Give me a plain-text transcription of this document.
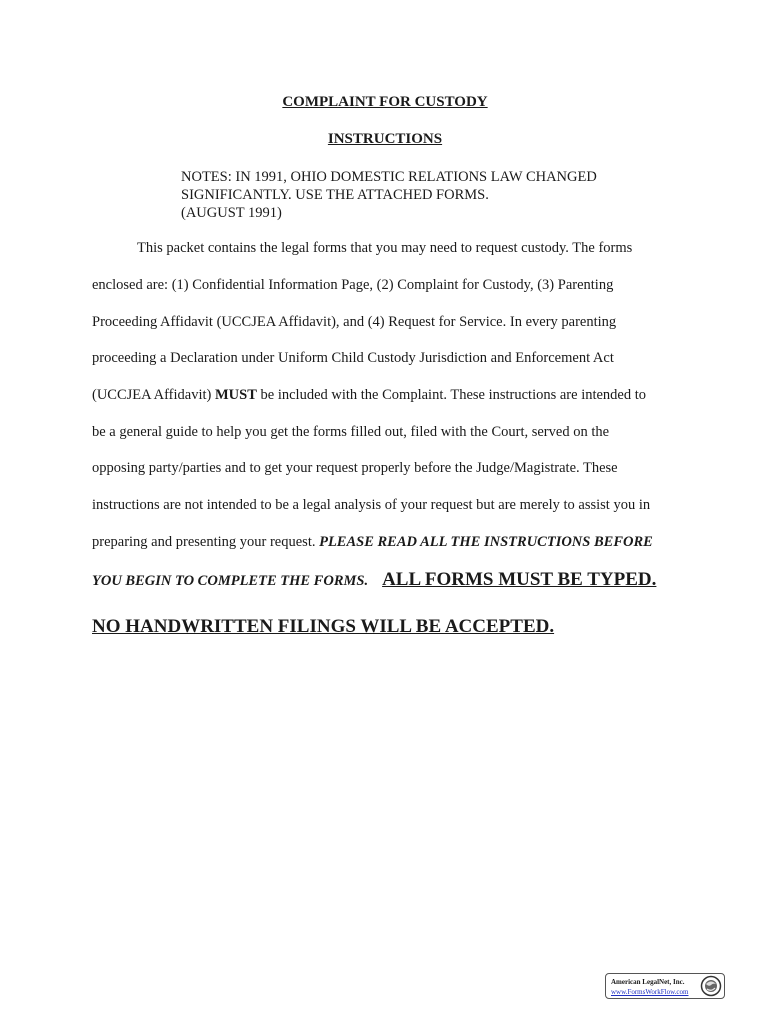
COMPLAINT FOR CUSTODY
INSTRUCTIONS
NOTES: IN 1991, OHIO DOMESTIC RELATIONS LAW CHANGED
SIGNIFICANTLY. USE THE ATTACHED FORMS.
(AUGUST 1991)
This packet contains the legal forms that you may need to request custody. The forms
enclosed are: (1) Confidential Information Page, (2) Complaint for Custody, (3) Parenting
Proceeding Affidavit (UCCJEA Affidavit), and (4) Request for Service. In every parenting
proceeding a Declaration under Uniform Child Custody Jurisdiction and Enforcement Act
(UCCJEA Affidavit) MUST be included with the Complaint. These instructions are intended to
be a general guide to help you get the forms filled out, filed with the Court, served on the
opposing party/parties and to get your request properly before the Judge/Magistrate. These
instructions are not intended to be a legal analysis of your request but are merely to assist you in
preparing and presenting your request. PLEASE READ ALL THE INSTRUCTIONS BEFORE
YOU BEGIN TO COMPLETE THE FORMS. ALL FORMS MUST BE TYPED.
NO HANDWRITTEN FILINGS WILL BE ACCEPTED.
American LegalNet, Inc.
www.FormsWorkFlow.com
